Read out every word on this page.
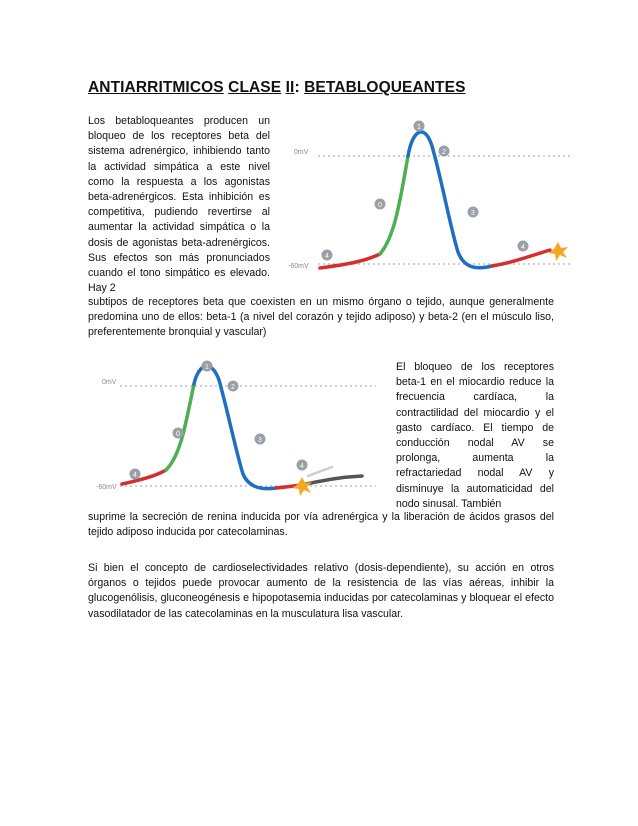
ANTIARRITMICOS CLASE II: BETABLOQUEANTES

Los betabloqueantes producen un bloqueo de los receptores beta del sistema adrenérgico, inhibiendo tanto la actividad simpática a este nivel como la respuesta a los agonistas beta-adrenérgicos. Esta inhibición es competitiva, pudiendo revertirse al aumentar la actividad simpática o la dosis de agonistas beta-adrenérgicos. Sus efectos son más pronunciados cuando el tono simpático es elevado. Hay 2

subtipos de receptores beta que coexisten en un mismo órgano o tejido, aunque generalmente predomina uno de ellos: beta-1 (a nivel del corazón y tejido adiposo) y beta-2 (en el músculo liso, preferentemente bronquial y vascular)

0mV
-60mV
1
2
0
3
4
4

El bloqueo de los receptores beta-1 en el miocardio reduce la frecuencia cardíaca, la contractilidad del miocardio y el gasto cardíaco. El tiempo de conducción nodal AV se prolonga, aumenta la refractariedad nodal AV y disminuye la automaticidad del nodo sinusal. También

suprime la secreción de renina inducida por vía adrenérgica y la liberación de ácidos grasos del tejido adiposo inducida por catecolaminas.

0mV
-60mV
1
2
0
3
4
4

Si bien el concepto de cardioselectividades relativo (dosis-dependiente), su acción en otros órganos o tejidos puede provocar aumento de la resistencia de las vías aéreas, inhibir la glucogenólisis, gluconeogénesis e hipopotasemia inducidas por catecolaminas y bloquear el efecto vasodilatador de las catecolaminas en la musculatura lisa vascular.
